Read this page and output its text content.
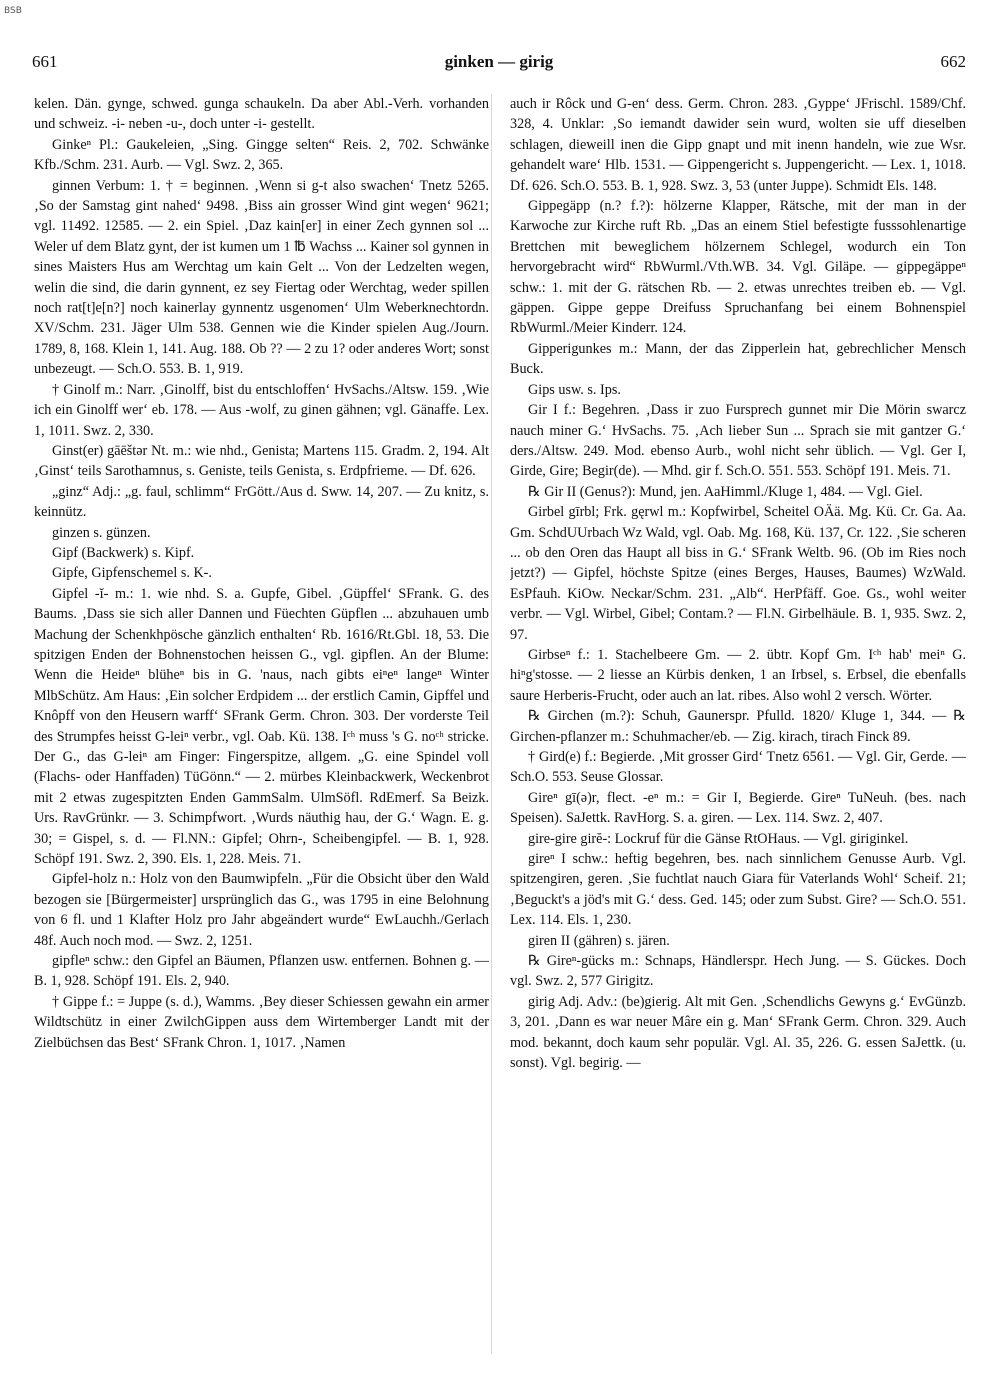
BSB
661	ginken — girig	662

kelen. Dän. gynge, schwed. gunga schaukeln. Da aber Abl.-Verh. vorhanden und schweiz. -i- neben -u-, doch unter -i- gestellt.

Ginkeⁿ Pl.: Gaukeleien, „Sing. Gingge selten“ Reis. 2, 702. Schwänke Kfb./Schm. 231. Aurb. — Vgl. Swz. 2, 365.

ginnen Verbum: 1. † = beginnen. ‚Wenn si g-t also swachen‘ Tnetz 5265. ‚So der Samstag gint nahed‘ 9498. ‚Biss ain grosser Wind gint wegen‘ 9621; vgl. 11492. 12585. — 2. ein Spiel. ‚Daz kain[er] in einer Zech gynnen sol ... Weler uf dem Blatz gynt, der ist kumen um 1 ℔ Wachss ... Kainer sol gynnen in sines Maisters Hus am Werchtag um kain Gelt ... Von der Ledzelten wegen, welin die sind, die darin gynnent, ez sey Fiertag oder Werchtag, weder spillen noch rat[t]e[n?] noch kainerlay gynnentz usgenomen‘ Ulm Weberknechtordn. XV/Schm. 231. Jäger Ulm 538. Gennen wie die Kinder spielen Aug./Journ. 1789, 8, 168. Klein 1, 141. Aug. 188. Ob ?? — 2 zu 1? oder anderes Wort; sonst unbezeugt. — Sch.O. 553. B. 1, 919.

† Ginolf m.: Narr. ‚Ginolff, bist du entschloffen‘ HvSachs./Altsw. 159. ‚Wie ich ein Ginolff wer‘ eb. 178. — Aus -wolf, zu ginen gähnen; vgl. Gänaffe. Lex. 1, 1011. Swz. 2, 330.

Ginst(er) gāēštər Nt. m.: wie nhd., Genista; Martens 115. Gradm. 2, 194. Alt ‚Ginst‘ teils Sarothamnus, s. Geniste, teils Genista, s. Erdpfrieme. — Df. 626.

„ginz“ Adj.: „g. faul, schlimm“ FrGött./Aus d. Sww. 14, 207. — Zu knitz, s. keinnütz.

ginzen s. günzen.

Gipf (Backwerk) s. Kipf.

Gipfe, Gipfenschemel s. K-.

Gipfel -ĭ- m.: 1. wie nhd. S. a. Gupfe, Gibel. ‚Güpffel‘ SFrank. G. des Baums. ‚Dass sie sich aller Dannen und Füechten Güpflen ... abzuhauen umb Machung der Schenkhpösche gänzlich enthalten‘ Rb. 1616/Rt.Gbl. 18, 53. Die spitzigen Enden der Bohnenstochen heissen G., vgl. gipflen. An der Blume: Wenn die Heideⁿ blüheⁿ bis in G. 'naus, nach gibts eiⁿeⁿ langeⁿ Winter MlbSchütz. Am Haus: ‚Ein solcher Erdpidem ... der erstlich Camin, Gipffel und Knôpff von den Heusern warff‘ SFrank Germ. Chron. 303. Der vorderste Teil des Strumpfes heisst G-leiⁿ verbr., vgl. Oab. Kü. 138. Iᶜʰ muss 's G. noᶜʰ stricke. Der G., das G-leiⁿ am Finger: Fingerspitze, allgem. „G. eine Spindel voll (Flachs- oder Hanffaden) TüGönn.“ — 2. mürbes Kleinbackwerk, Weckenbrot mit 2 etwas zugespitzten Enden GammSalm. UlmSöfl. RdEmerf. Sa Beizk. Urs. RavGrünkr. — 3. Schimpfwort. ‚Wurds näuthig hau, der G.‘ Wagn. E. g. 30; = Gispel, s. d. — Fl.NN.: Gipfel; Ohrn-, Scheibengipfel. — B. 1, 928. Schöpf 191. Swz. 2, 390. Els. 1, 228. Meis. 71.

Gipfel-holz n.: Holz von den Baumwipfeln. „Für die Obsicht über den Wald bezogen sie [Bürgermeister] ursprünglich das G., was 1795 in eine Belohnung von 6 fl. und 1 Klafter Holz pro Jahr abgeändert wurde“ EwLauchh./Gerlach 48f. Auch noch mod. — Swz. 2, 1251.

gipfleⁿ schw.: den Gipfel an Bäumen, Pflanzen usw. entfernen. Bohnen g. — B. 1, 928. Schöpf 191. Els. 2, 940.

† Gippe f.: = Juppe (s. d.), Wamms. ‚Bey dieser Schiessen gewahn ein armer Wildtschütz in einer ZwilchGippen auss dem Wirtemberger Landt mit der Zielbüchsen das Best‘ SFrank Chron. 1, 1017. ‚Namen

auch ir Rôck und G-en‘ dess. Germ. Chron. 283. ‚Gyppe‘ JFrischl. 1589/Chf. 328, 4. Unklar: ‚So iemandt dawider sein wurd, wolten sie uff dieselben schlagen, dieweill inen die Gipp gnapt und mit inenn handeln, wie zue Wsr. gehandelt ware‘ Hlb. 1531. — Gippengericht s. Juppengericht. — Lex. 1, 1018. Df. 626. Sch.O. 553. B. 1, 928. Swz. 3, 53 (unter Juppe). Schmidt Els. 148.

Gippegäpp (n.? f.?): hölzerne Klapper, Rätsche, mit der man in der Karwoche zur Kirche ruft Rb. „Das an einem Stiel befestigte fusssohlenartige Brettchen mit beweglichem hölzernem Schlegel, wodurch ein Ton hervorgebracht wird“ RbWurml./Vth.WB. 34. Vgl. Giläpe. — gippegäppeⁿ schw.: 1. mit der G. rätschen Rb. — 2. etwas unrechtes treiben eb. — Vgl. gäppen. Gippe geppe Dreifuss Spruchanfang bei einem Bohnenspiel RbWurml./Meier Kinderr. 124.

Gipperigunkes m.: Mann, der das Zipperlein hat, gebrechlicher Mensch Buck.

Gips usw. s. Ips.

Gir I f.: Begehren. ‚Dass ir zuo Fursprech gunnet mir Die Mörin swarcz nauch miner G.‘ HvSachs. 75. ‚Ach lieber Sun ... Sprach sie mit gantzer G.‘ ders./Altsw. 249. Mod. ebenso Aurb., wohl nicht sehr üblich. — Vgl. Ger I, Girde, Gire; Begir(de). — Mhd. gir f. Sch.O. 551. 553. Schöpf 191. Meis. 71.

℞ Gir II (Genus?): Mund, jen. AaHimml./Kluge 1, 484. — Vgl. Giel.

Girbel gīrbl; Frk. gęrwl m.: Kopfwirbel, Scheitel OÄä. Mg. Kü. Cr. Ga. Aa. Gm. SchdUUrbach Wz Wald, vgl. Oab. Mg. 168, Kü. 137, Cr. 122. ‚Sie scheren ... ob den Oren das Haupt all biss in G.‘ SFrank Weltb. 96. (Ob im Ries noch jetzt?) — Gipfel, höchste Spitze (eines Berges, Hauses, Baumes) WzWald. EsPfauh. KiOw. Neckar/Schm. 231. „Alb“. HerPfäff. Goe. Gs., wohl weiter verbr. — Vgl. Wirbel, Gibel; Contam.? — Fl.N. Girbelhäule. B. 1, 935. Swz. 2, 97.

Girbseⁿ f.: 1. Stachelbeere Gm. — 2. übtr. Kopf Gm. Iᶜʰ hab' meiⁿ G. hiⁿg'stosse. — 2 liesse an Kürbis denken, 1 an Irbsel, s. Erbsel, die ebenfalls saure Herberis-Frucht, oder auch an lat. ribes. Also wohl 2 versch. Wörter.

℞ Girchen (m.?): Schuh, Gaunerspr. Pfulld. 1820/ Kluge 1, 344. — ℞ Girchen-pflanzer m.: Schuhmacher/eb. — Zig. kirach, tirach Finck 89.

† Gird(e) f.: Begierde. ‚Mit grosser Gird‘ Tnetz 6561. — Vgl. Gir, Gerde. — Sch.O. 553. Seuse Glossar.

Gireⁿ gī(ə)r, flect. -eⁿ m.: = Gir I, Begierde. Gireⁿ TuNeuh. (bes. nach Speisen). SaJettk. RavHorg. S. a. giren. — Lex. 114. Swz. 2, 407.

gire-gire girĕ-: Lockruf für die Gänse RtOHaus. — Vgl. giriginkel.

gireⁿ I schw.: heftig begehren, bes. nach sinnlichem Genusse Aurb. Vgl. spitzengiren, geren. ‚Sie fuchtlat nauch Giara für Vaterlands Wohl‘ Scheif. 21; ‚Beguckt's a jöd's mit G.‘ dess. Ged. 145; oder zum Subst. Gire? — Sch.O. 551. Lex. 114. Els. 1, 230.

giren II (gähren) s. jären.

℞ Gireⁿ-gücks m.: Schnaps, Händlerspr. Hech Jung. — S. Gückes. Doch vgl. Swz. 2, 577 Girigitz.

girig Adj. Adv.: (be)gierig. Alt mit Gen. ‚Schendlichs Gewyns g.‘ EvGünzb. 3, 201. ‚Dann es war neuer Mâre ein g. Man‘ SFrank Germ. Chron. 329. Auch mod. bekannt, doch kaum sehr populär. Vgl. Al. 35, 226. G. essen SaJettk. (u. sonst). Vgl. begirig. —
